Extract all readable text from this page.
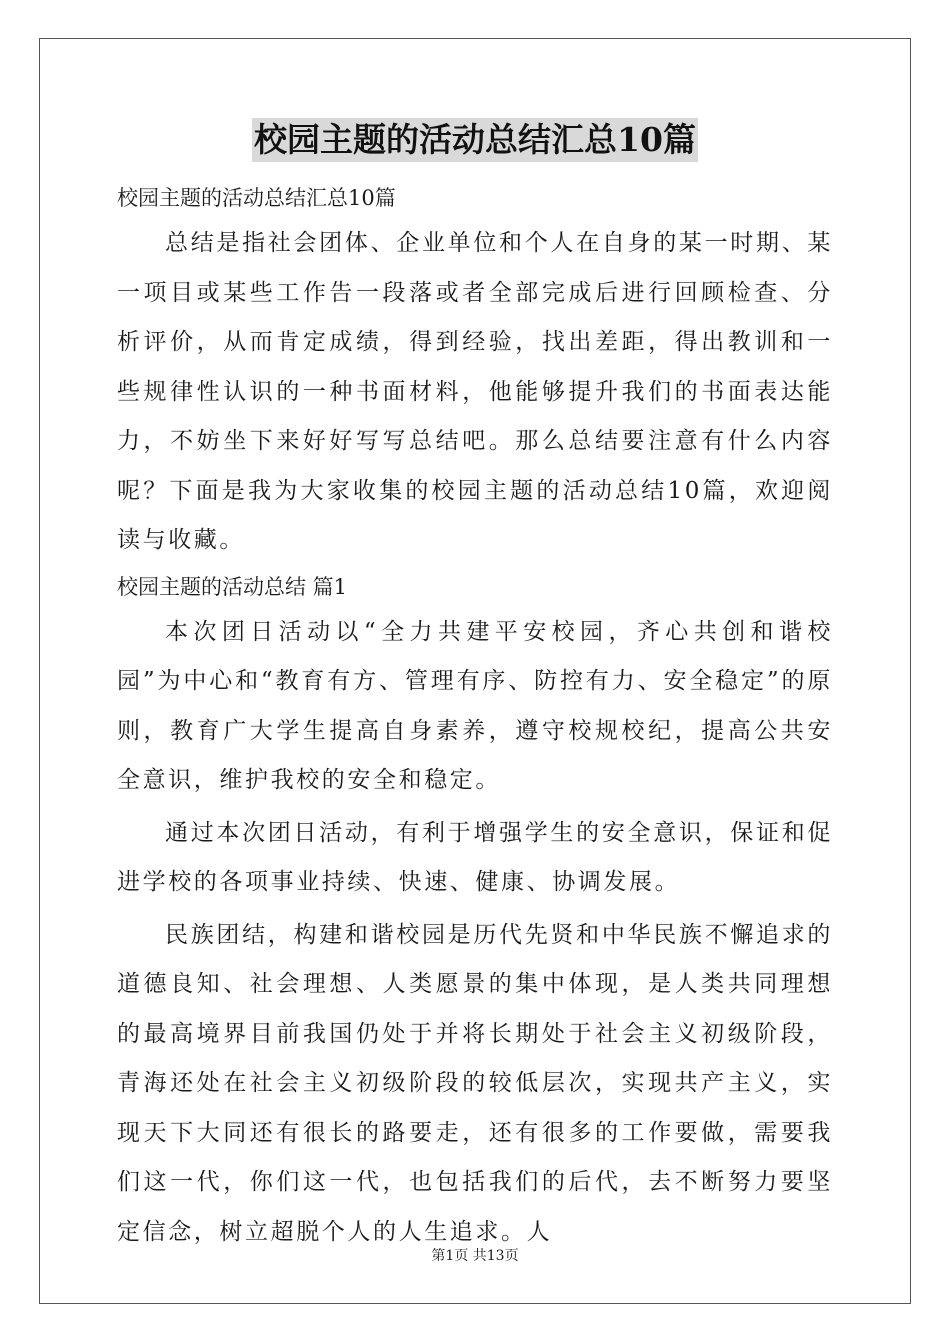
校园主题的活动总结汇总10篇

校园主题的活动总结汇总10篇

总结是指社会团体、企业单位和个人在自身的某一时期、某一项目或某些工作告一段落或者全部完成后进行回顾检查、分析评价，从而肯定成绩，得到经验，找出差距，得出教训和一些规律性认识的一种书面材料，他能够提升我们的书面表达能力，不妨坐下来好好写写总结吧。那么总结要注意有什么内容呢？下面是我为大家收集的校园主题的活动总结10篇，欢迎阅读与收藏。

校园主题的活动总结 篇1

本次团日活动以“全力共建平安校园，齐心共创和谐校园”为中心和“教育有方、管理有序、防控有力、安全稳定”的原则，教育广大学生提高自身素养，遵守校规校纪，提高公共安全意识，维护我校的安全和稳定。

通过本次团日活动，有利于增强学生的安全意识，保证和促进学校的各项事业持续、快速、健康、协调发展。

民族团结，构建和谐校园是历代先贤和中华民族不懈追求的道德良知、社会理想、人类愿景的集中体现，是人类共同理想的最高境界目前我国仍处于并将长期处于社会主义初级阶段，青海还处在社会主义初级阶段的较低层次，实现共产主义，实现天下大同还有很长的路要走，还有很多的工作要做，需要我们这一代，你们这一代，也包括我们的后代，去不断努力要坚定信念，树立超脱个人的人生追求。人

第1页 共13页
